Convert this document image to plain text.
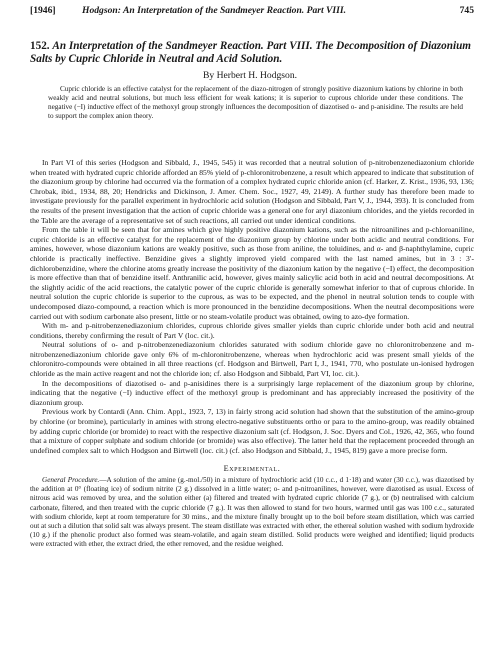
[1946]	Hodgson: An Interpretation of the Sandmeyer Reaction. Part VIII.	745
152. An Interpretation of the Sandmeyer Reaction. Part VIII. The Decomposition of Diazonium Salts by Cupric Chloride in Neutral and Acid Solution.
By Herbert H. Hodgson.

Cupric chloride is an effective catalyst for the replacement of the diazo-nitrogen of strongly positive diazonium kations by chlorine in both weakly acid and neutral solutions, but much less efficient for weak kations; it is superior to cuprous chloride under these conditions. The negative (−I) inductive effect of the methoxyl group strongly influences the decomposition of diazotised o- and p-anisidine. The results are held to support the complex anion theory.

In Part VI of this series (Hodgson and Sibbald, J., 1945, 545) it was recorded that a neutral solution of p-nitrobenzenediazonium chloride when treated with hydrated cupric chloride afforded an 85% yield of p-chloronitrobenzene, a result which appeared to indicate that substitution of the diazonium group by chlorine had occurred via the formation of a complex hydrated cupric chloride anion (cf. Harker, Z. Krist., 1936, 93, 136; Chrobak, ibid., 1934, 88, 20; Hendricks and Dickinson, J. Amer. Chem. Soc., 1927, 49, 2149). A further study has therefore been made to investigate previously for the parallel experiment in hydrochloric acid solution (Hodgson and Sibbald, Part V, J., 1944, 393). It is concluded from the results of the present investigation that the action of cupric chloride was a general one for aryl diazonium chlorides, and the yields recorded in the Table are the average of a representative set of such reactions, all carried out under identical conditions.

From the table it will be seen that for amines which give highly positive diazonium kations, such as the nitroanilines and p-chloroaniline, cupric chloride is an effective catalyst for the replacement of the diazonium group by chlorine under both acidic and neutral conditions. For amines, however, whose diazonium kations are weakly positive, such as those from aniline, the toluidines, and α- and β-naphthylamine, cupric chloride is practically ineffective. Benzidine gives a slightly improved yield compared with the last named amines, but in 3 : 3′-dichlorobenzidine, where the chlorine atoms greatly increase the positivity of the diazonium kation by the negative (−I) effect, the decomposition is more effective than that of benzidine itself. Anthranilic acid, however, gives mainly salicylic acid both in acid and neutral decompositions. At the slightly acidic of the acid reactions, the catalytic power of the cupric chloride is generally somewhat inferior to that of cuprous chloride. In neutral solution the cupric chloride is superior to the cuprous, as was to be expected, and the phenol in neutral solution tends to couple with undecomposed diazo-compound, a reaction which is more pronounced in the benzidine decompositions. When the neutral decompositions were carried out with sodium carbonate also present, little or no steam-volatile product was obtained, owing to azo-dye formation.

With m- and p-nitrobenzenediazonium chlorides, cuprous chloride gives smaller yields than cupric chloride under both acid and neutral conditions, thereby confirming the result of Part V (loc. cit.).

Neutral solutions of o- and p-nitrobenzenediazonium chlorides saturated with sodium chloride gave no chloronitrobenzene and m-nitrobenzenediazonium chloride gave only 6% of m-chloronitrobenzene, whereas when hydrochloric acid was present small yields of the chloronitro-compounds were obtained in all three reactions (cf. Hodgson and Birtwell, Part I, J., 1941, 770, who postulate un-ionised hydrogen chloride as the main active reagent and not the chloride ion; cf. also Hodgson and Sibbald, Part VI, loc. cit.).

In the decompositions of diazotised o- and p-anisidines there is a surprisingly large replacement of the diazonium group by chlorine, indicating that the negative (−I) inductive effect of the methoxyl group is predominant and has appreciably increased the positivity of the diazonium group.

Previous work by Contardi (Ann. Chim. Appl., 1923, 7, 13) in fairly strong acid solution had shown that the substitution of the amino-group by chlorine (or bromine), particularly in amines with strong electro-negative substituents ortho or para to the amino-group, was readily obtained by adding cupric chloride (or bromide) to react with the respective diazonium salt (cf. Hodgson, J. Soc. Dyers and Col., 1926, 42, 365, who found that a mixture of copper sulphate and sodium chloride (or bromide) was also effective). The latter held that the replacement proceeded through an undefined complex salt to which Hodgson and Birtwell (loc. cit.) (cf. also Hodgson and Sibbald, J., 1945, 819) gave a more precise form.

Experimental.

General Procedure.—A solution of the amine (g.-mol./50) in a mixture of hydrochloric acid (10 c.c., d 1·18) and water (30 c.c.), was diazotised by the addition at 0° (floating ice) of sodium nitrite (2 g.) dissolved in a little water; o- and p-nitroanilines, however, were diazotised as usual. Excess of nitrous acid was removed by urea, and the solution either (a) filtered and treated with hydrated cupric chloride (7 g.), or (b) neutralised with calcium carbonate, filtered, and then treated with the cupric chloride (7 g.). It was then allowed to stand for two hours, warmed until gas was 100 c.c., saturated with sodium chloride, kept at room temperature for 30 mins., and the mixture finally brought up to the boil before steam distillation, which was carried out at such a dilution that solid salt was always present. The steam distillate was extracted with ether, the ethereal solution washed with sodium hydroxide (10 g.) if the phenolic product also formed was steam-volatile, and again steam distilled. Solid products were weighed and identified; liquid products were extracted with ether, the extract dried, the ether removed, and the residue weighed.
